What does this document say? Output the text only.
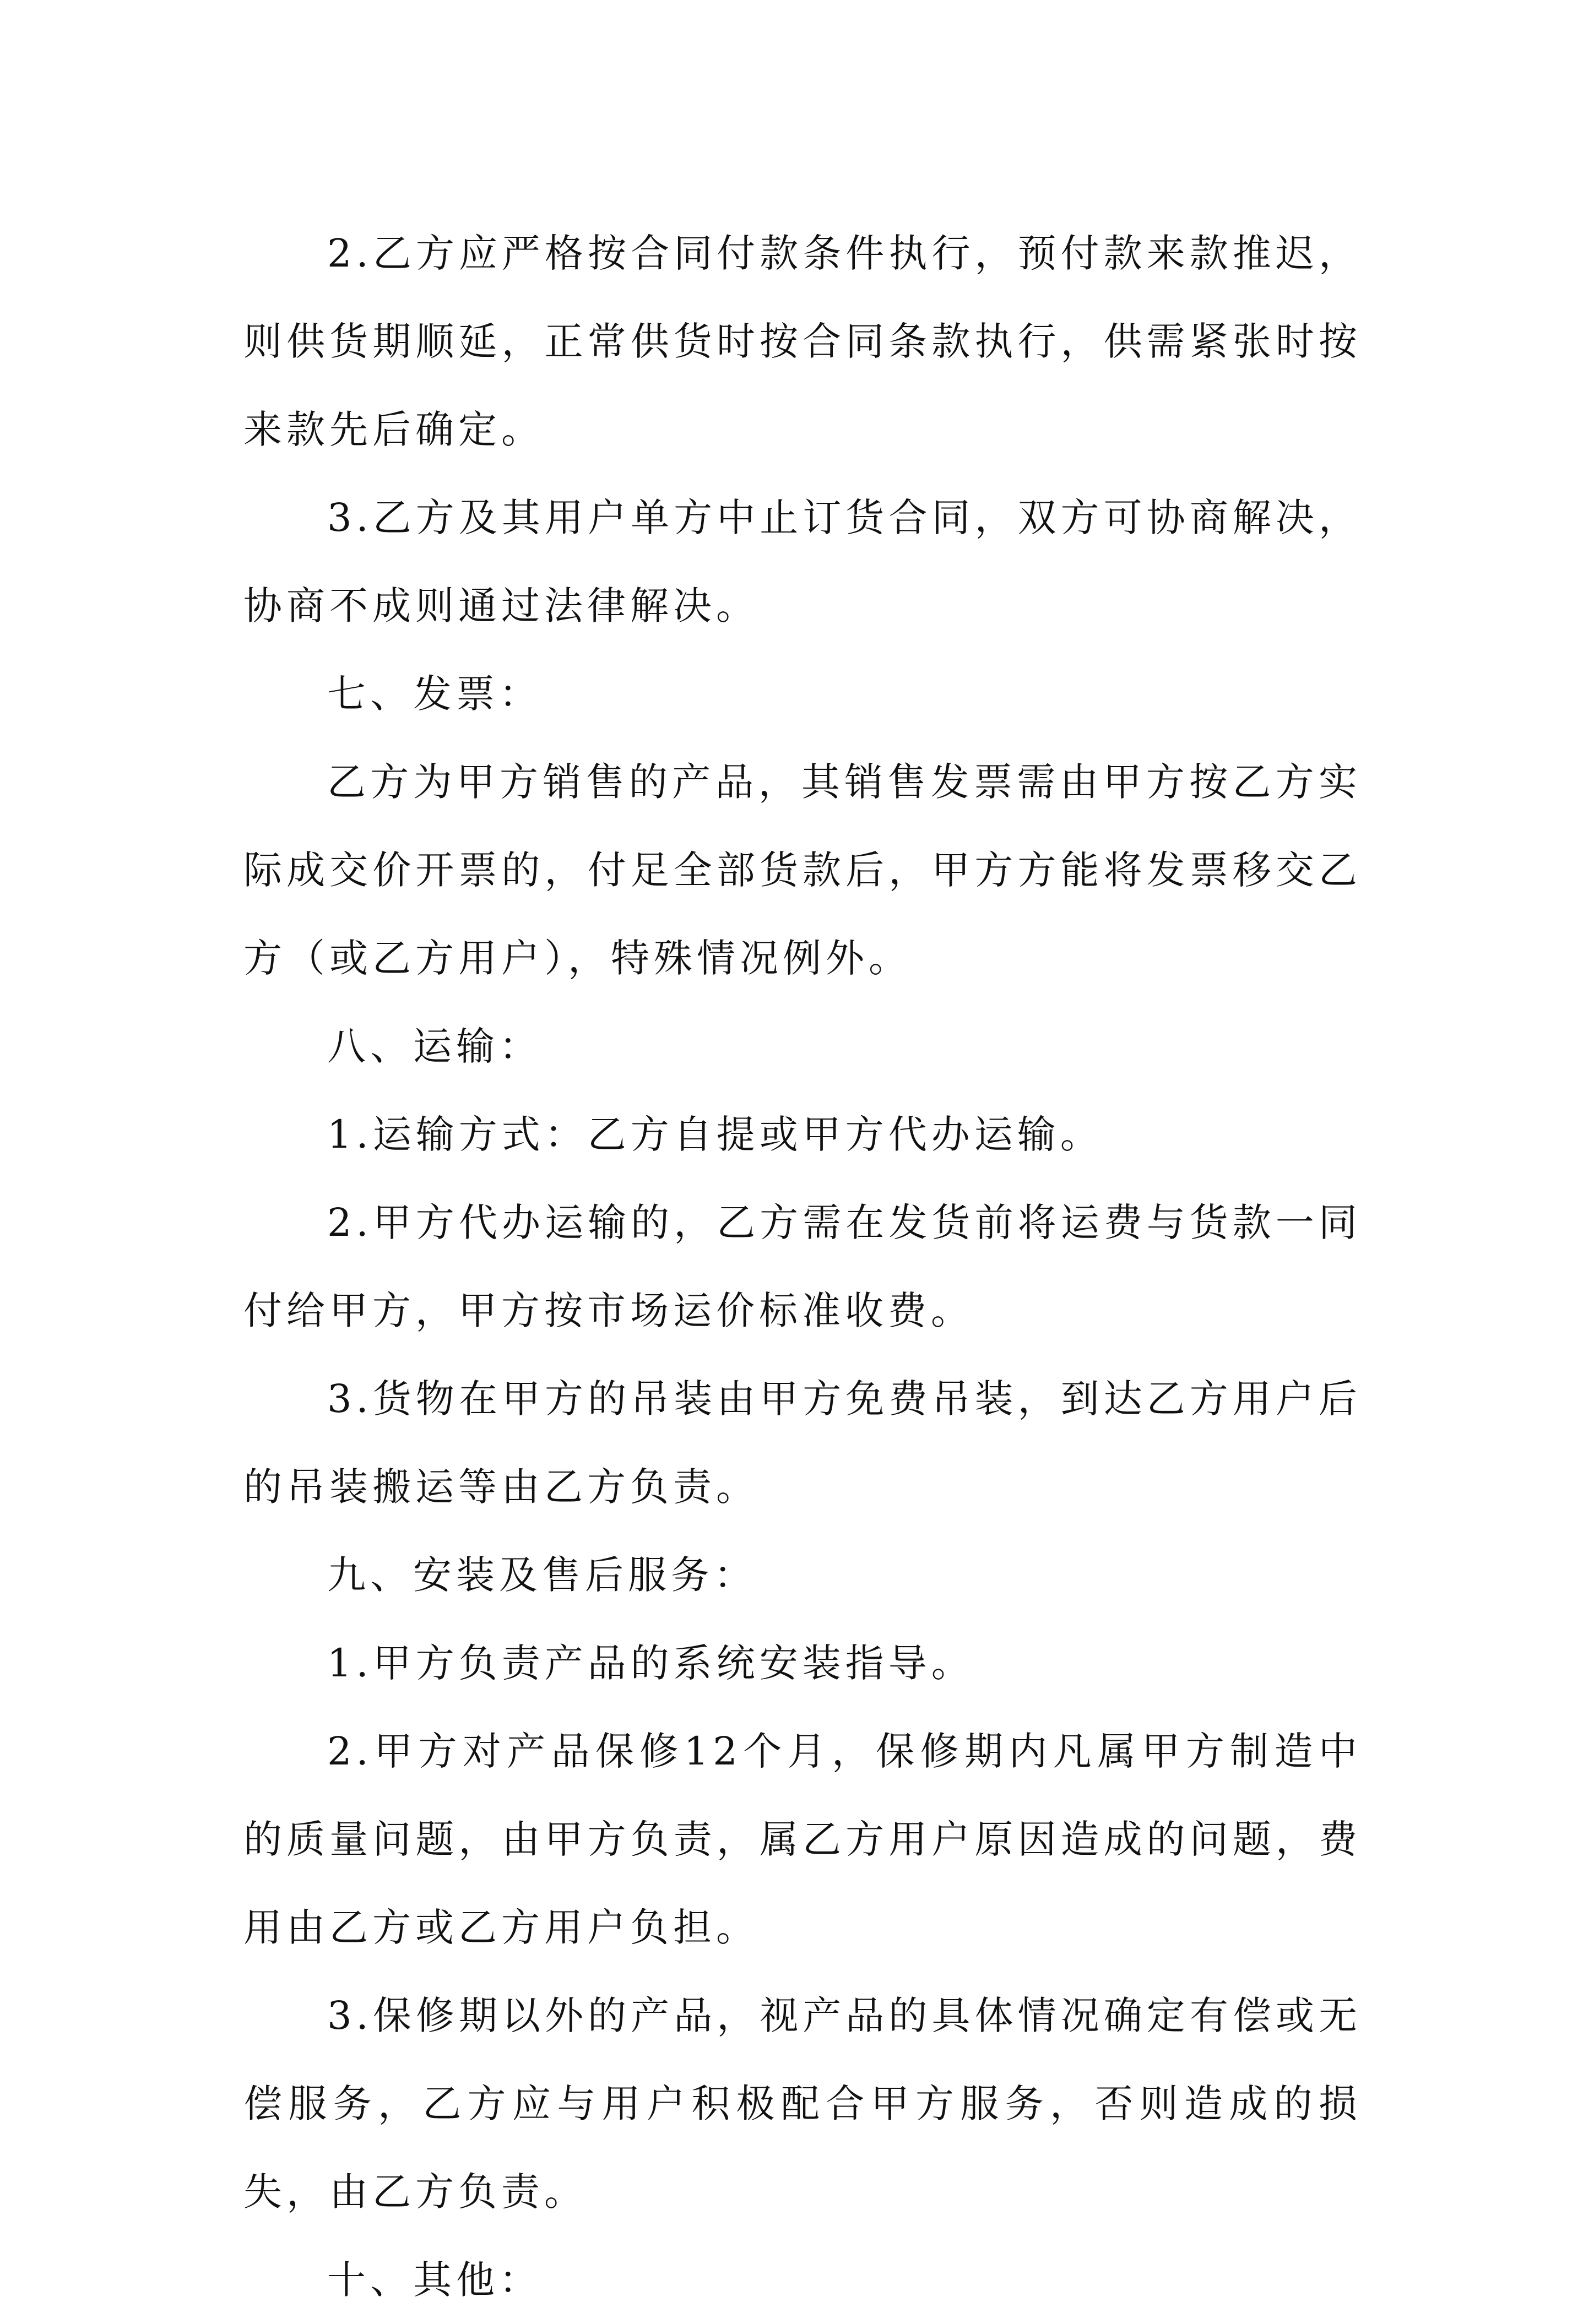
2.乙方应严格按合同付款条件执行，预付款来款推迟，则供货期顺延，正常供货时按合同条款执行，供需紧张时按来款先后确定。

3.乙方及其用户单方中止订货合同，双方可协商解决，协商不成则通过法律解决。

七、发票：

乙方为甲方销售的产品，其销售发票需由甲方按乙方实际成交价开票的，付足全部货款后，甲方方能将发票移交乙方（或乙方用户），特殊情况例外。

八、运输：

1.运输方式：乙方自提或甲方代办运输。

2.甲方代办运输的，乙方需在发货前将运费与货款一同付给甲方，甲方按市场运价标准收费。

3.货物在甲方的吊装由甲方免费吊装，到达乙方用户后的吊装搬运等由乙方负责。

九、安装及售后服务：

1.甲方负责产品的系统安装指导。

2.甲方对产品保修12个月，保修期内凡属甲方制造中的质量问题，由甲方负责，属乙方用户原因造成的问题，费用由乙方或乙方用户负担。

3.保修期以外的产品，视产品的具体情况确定有偿或无偿服务，乙方应与用户积极配合甲方服务，否则造成的损失，由乙方负责。

十、其他：
